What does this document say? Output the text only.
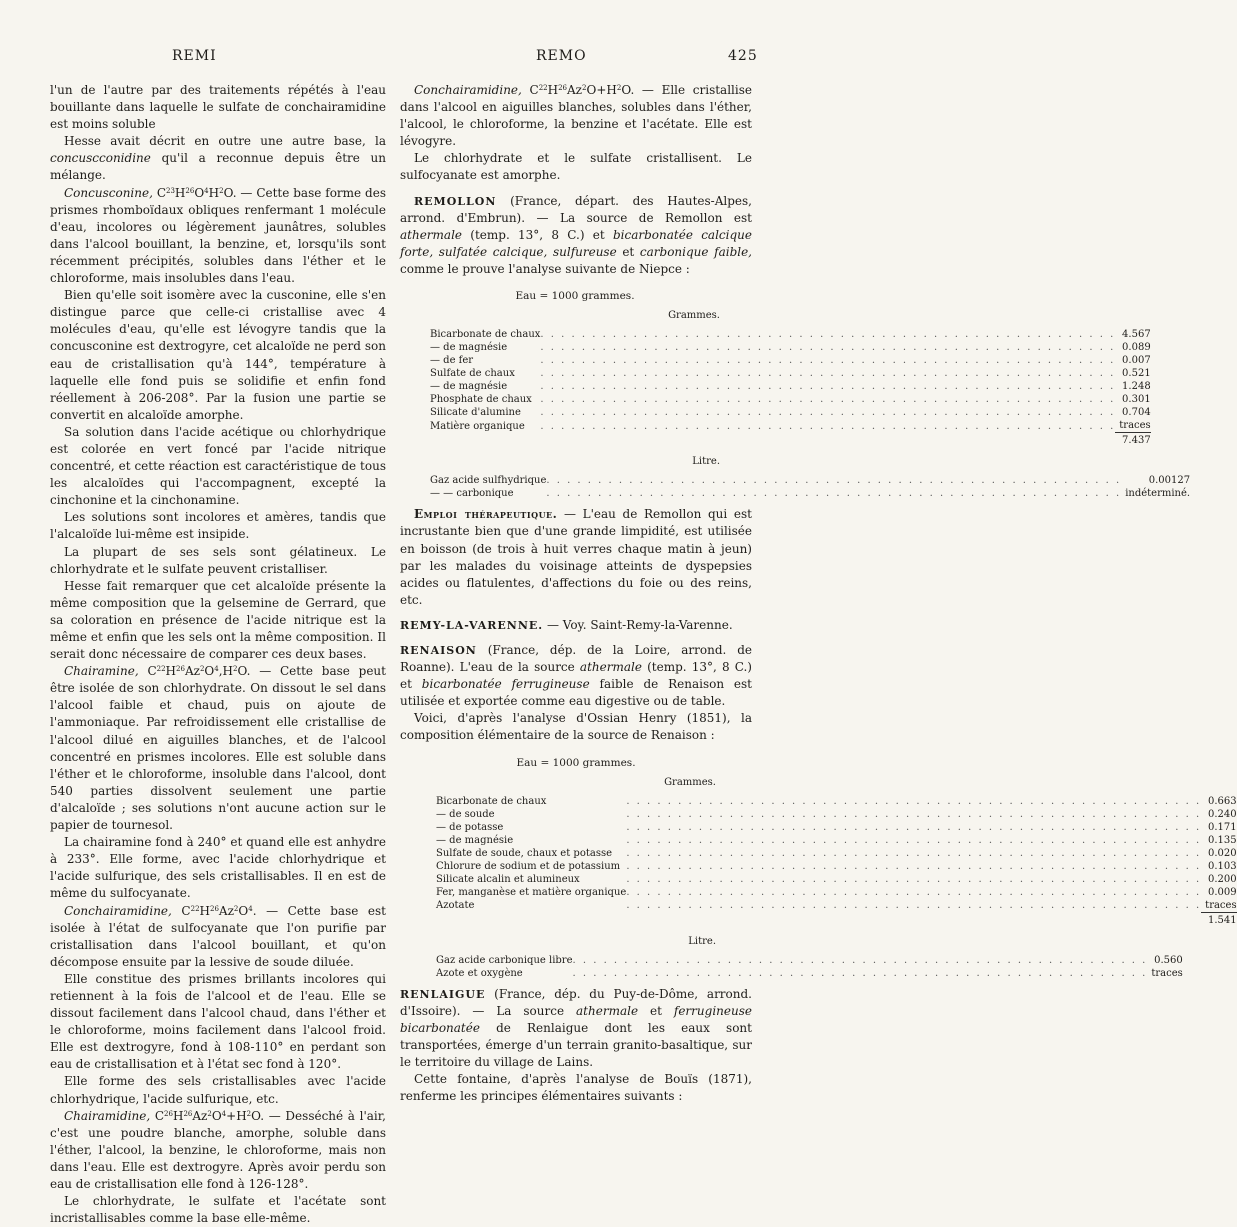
REMI	REMO	425

l'un de l'autre par des traitements répétés à l'eau bouillante dans laquelle le sulfate de conchairamidine est moins soluble

Hesse avait décrit en outre une autre base, la concuscconidine qu'il a reconnue depuis être un mélange.

Concusconine, $C^{23}H^{26}O^4H^2O$. — Cette base forme des prismes rhomboïdaux obliques renfermant 1 molécule d'eau, incolores ou légèrement jaunâtres, solubles dans l'alcool bouillant, la benzine, et, lorsqu'ils sont récemment précipités, solubles dans l'éther et le chloroforme, mais insolubles dans l'eau.

Bien qu'elle soit isomère avec la cusconine, elle s'en distingue parce que celle-ci cristallise avec 4 molécules d'eau, qu'elle est lévogyre tandis que la concusconine est dextrogyre, cet alcaloïde ne perd son eau de cristallisation qu'à 144°, température à laquelle elle fond puis se solidifie et enfin fond réellement à 206-208°. Par la fusion une partie se convertit en alcaloïde amorphe.

Sa solution dans l'acide acétique ou chlorhydrique est colorée en vert foncé par l'acide nitrique concentré, et cette réaction est caractéristique de tous les alcaloïdes qui l'accompagnent, excepté la cinchonine et la cinchonamine.

Les solutions sont incolores et amères, tandis que l'alcaloïde lui-même est insipide.

La plupart de ses sels sont gélatineux. Le chlorhydrate et le sulfate peuvent cristalliser.

Hesse fait remarquer que cet alcaloïde présente la même composition que la gelsemine de Gerrard, que sa coloration en présence de l'acide nitrique est la même et enfin que les sels ont la même composition. Il serait donc nécessaire de comparer ces deux bases.

Chairamine, $C^{22}H^{26}Az^2O^4,H^2O$. — Cette base peut être isolée de son chlorhydrate. On dissout le sel dans l'alcool faible et chaud, puis on ajoute de l'ammoniaque. Par refroidissement elle cristallise de l'alcool dilué en aiguilles blanches, et de l'alcool concentré en prismes incolores. Elle est soluble dans l'éther et le chloroforme, insoluble dans l'alcool, dont 540 parties dissolvent seulement une partie d'alcaloïde ; ses solutions n'ont aucune action sur le papier de tournesol.

La chairamine fond à 240° et quand elle est anhydre à 233°. Elle forme, avec l'acide chlorhydrique et l'acide sulfurique, des sels cristallisables. Il en est de même du sulfocyanate.

Conchairamidine, $C^{22}H^{26}Az^2O^4$. — Cette base est isolée à l'état de sulfocyanate que l'on purifie par cristallisation dans l'alcool bouillant, et qu'on décompose ensuite par la lessive de soude diluée.

Elle constitue des prismes brillants incolores qui retiennent à la fois de l'alcool et de l'eau. Elle se dissout facilement dans l'alcool chaud, dans l'éther et le chloroforme, moins facilement dans l'alcool froid. Elle est dextrogyre, fond à 108-110° en perdant son eau de cristallisation et à l'état sec fond à 120°.

Elle forme des sels cristallisables avec l'acide chlorhydrique, l'acide sulfurique, etc.

Chairamidine, $C^{26}H^{26}Az^2O^4+H^2O$. — Desséché à l'air, c'est une poudre blanche, amorphe, soluble dans l'éther, l'alcool, la benzine, le chloroforme, mais non dans l'eau. Elle est dextrogyre. Après avoir perdu son eau de cristallisation elle fond à 126-128°.

Le chlorhydrate, le sulfate et l'acétate sont incristallisables comme la base elle-même.

Conchairamidine, $C^{22}H^{26}Az^2O+H^2O$. — Elle cristallise dans l'alcool en aiguilles blanches, solubles dans l'éther, l'alcool, le chloroforme, la benzine et l'acétate. Elle est lévogyre.

Le chlorhydrate et le sulfate cristallisent. Le sulfocyanate est amorphe.

REMOLLON (France, départ. des Hautes-Alpes, arrond. d'Embrun). — La source de Remollon est athermale (temp. 13°, 8 C.) et bicarbonatée calcique forte, sulfatée calcique, sulfureuse et carbonique faible, comme le prouve l'analyse suivante de Niepce :

Eau = 1000 grammes.
Grammes.
Bicarbonate de chaux	. . . . . . . . . . . . . . . . . . . . . . . . . . . . . . . . . . . . . . . . . . . . . . . . . . . . . . . .	4.567
— de magnésie	. . . . . . . . . . . . . . . . . . . . . . . . . . . . . . . . . . . . . . . . . . . . . . . . . . . . . . . .	0.089
— de fer	. . . . . . . . . . . . . . . . . . . . . . . . . . . . . . . . . . . . . . . . . . . . . . . . . . . . . . . .	0.007
Sulfate de chaux	. . . . . . . . . . . . . . . . . . . . . . . . . . . . . . . . . . . . . . . . . . . . . . . . . . . . . . . .	0.521
— de magnésie	. . . . . . . . . . . . . . . . . . . . . . . . . . . . . . . . . . . . . . . . . . . . . . . . . . . . . . . .	1.248
Phosphate de chaux	. . . . . . . . . . . . . . . . . . . . . . . . . . . . . . . . . . . . . . . . . . . . . . . . . . . . . . . .	0.301
Silicate d'alumine	. . . . . . . . . . . . . . . . . . . . . . . . . . . . . . . . . . . . . . . . . . . . . . . . . . . . . . . .	0.704
Matière organique	. . . . . . . . . . . . . . . . . . . . . . . . . . . . . . . . . . . . . . . . . . . . . . . . . . . . . . . .	traces
		7.437
Litre.
Gaz acide sulfhydrique	. . . . . . . . . . . . . . . . . . . . . . . . . . . . . . . . . . . . . . . . . . . . . . . . . . . . . . . .	0.00127
— — carbonique	. . . . . . . . . . . . . . . . . . . . . . . . . . . . . . . . . . . . . . . . . . . . . . . . . . . . . . . .	indéterminé.

Emploi thérapeutique. — L'eau de Remollon qui est incrustante bien que d'une grande limpidité, est utilisée en boisson (de trois à huit verres chaque matin à jeun) par les malades du voisinage atteints de dyspepsies acides ou flatulentes, d'affections du foie ou des reins, etc.

REMY-LA-VARENNE. — Voy. Saint-Remy-la-Varenne.

RENAISON (France, dép. de la Loire, arrond. de Roanne). L'eau de la source athermale (temp. 13°, 8 C.) et bicarbonatée ferrugineuse faible de Renaison est utilisée et exportée comme eau digestive ou de table.

Voici, d'après l'analyse d'Ossian Henry (1851), la composition élémentaire de la source de Renaison :

Eau = 1000 grammes.
Grammes.
Bicarbonate de chaux	. . . . . . . . . . . . . . . . . . . . . . . . . . . . . . . . . . . . . . . . . . . . . . . . . . . . . . . .	0.663
— de soude	. . . . . . . . . . . . . . . . . . . . . . . . . . . . . . . . . . . . . . . . . . . . . . . . . . . . . . . .	0.240
— de potasse	. . . . . . . . . . . . . . . . . . . . . . . . . . . . . . . . . . . . . . . . . . . . . . . . . . . . . . . .	0.171
— de magnésie	. . . . . . . . . . . . . . . . . . . . . . . . . . . . . . . . . . . . . . . . . . . . . . . . . . . . . . . .	0.135
Sulfate de soude, chaux et potasse	. . . . . . . . . . . . . . . . . . . . . . . . . . . . . . . . . . . . . . . . . . . . . . . . . . . . . . . .	0.020
Chlorure de sodium et de potassium	. . . . . . . . . . . . . . . . . . . . . . . . . . . . . . . . . . . . . . . . . . . . . . . . . . . . . . . .	0.103
Silicate alcalin et alumineux	. . . . . . . . . . . . . . . . . . . . . . . . . . . . . . . . . . . . . . . . . . . . . . . . . . . . . . . .	0.200
Fer, manganèse et matière organique	. . . . . . . . . . . . . . . . . . . . . . . . . . . . . . . . . . . . . . . . . . . . . . . . . . . . . . . .	0.009
Azotate	. . . . . . . . . . . . . . . . . . . . . . . . . . . . . . . . . . . . . . . . . . . . . . . . . . . . . . . .	traces
		1.541
Litre.
Gaz acide carbonique libre	. . . . . . . . . . . . . . . . . . . . . . . . . . . . . . . . . . . . . . . . . . . . . . . . . . . . . . . .	0.560
Azote et oxygène	. . . . . . . . . . . . . . . . . . . . . . . . . . . . . . . . . . . . . . . . . . . . . . . . . . . . . . . .	traces

RENLAIGUE (France, dép. du Puy-de-Dôme, arrond. d'Issoire). — La source athermale et ferrugineuse bicarbonatée de Renlaigue dont les eaux sont transportées, émerge d'un terrain granito-basaltique, sur le territoire du village de Lains.

Cette fontaine, d'après l'analyse de Bouïs (1871), renferme les principes élémentaires suivants :
